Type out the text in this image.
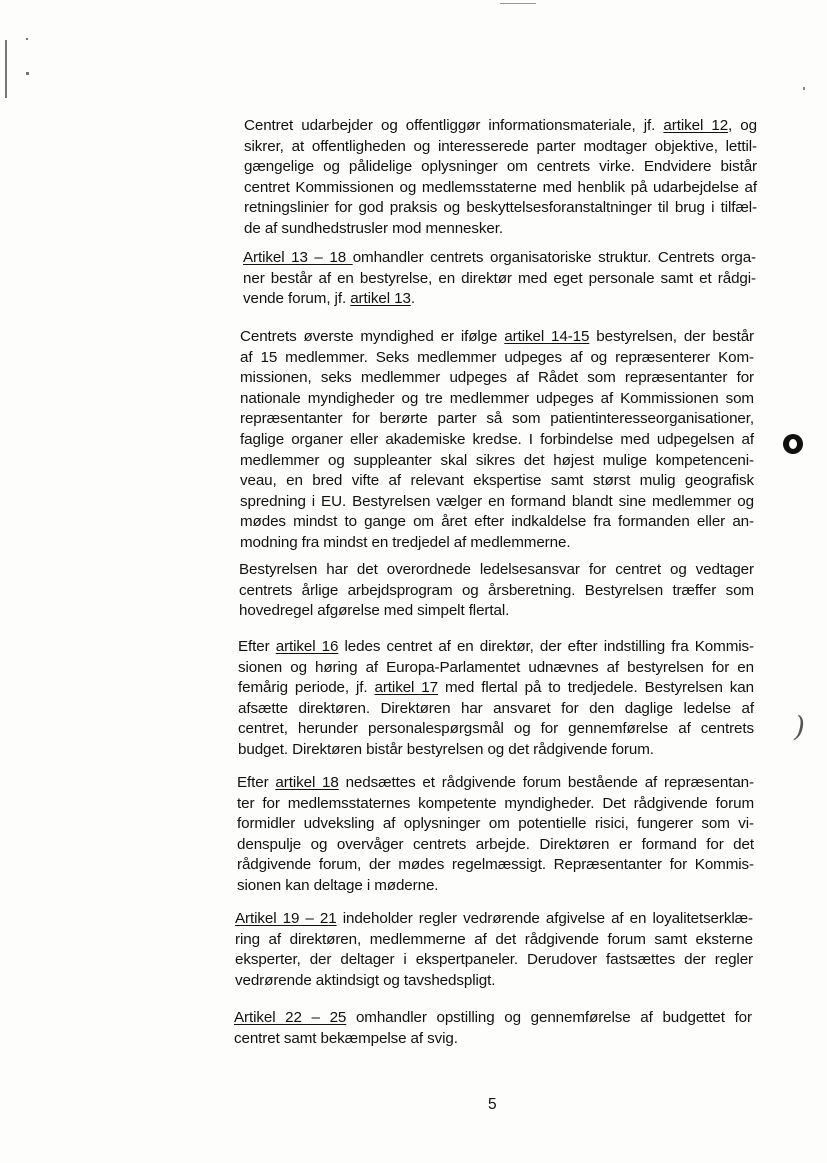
)
Centret udarbejder og offentliggør informationsmateriale, jf. artikel 12, og
sikrer, at offentligheden og interesserede parter modtager objektive, lettil-
gængelige og pålidelige oplysninger om centrets virke. Endvidere bistår
centret Kommissionen og medlemsstaterne med henblik på udarbejdelse af
retningslinier for god praksis og beskyttelsesforanstaltninger til brug i tilfæl-
de af sundhedstrusler mod mennesker.
Artikel 13 – 18 omhandler centrets organisatoriske struktur. Centrets orga-
ner består af en bestyrelse, en direktør med eget personale samt et rådgi-
vende forum, jf. artikel 13.
Centrets øverste myndighed er ifølge artikel 14-15 bestyrelsen, der består
af 15 medlemmer. Seks medlemmer udpeges af og repræsenterer Kom-
missionen, seks medlemmer udpeges af Rådet som repræsentanter for
nationale myndigheder og tre medlemmer udpeges af Kommissionen som
repræsentanter for berørte parter så som patientinteresseorganisationer,
faglige organer eller akademiske kredse. I forbindelse med udpegelsen af
medlemmer og suppleanter skal sikres det højest mulige kompetenceni-
veau, en bred vifte af relevant ekspertise samt størst mulig geografisk
spredning i EU. Bestyrelsen vælger en formand blandt sine medlemmer og
mødes mindst to gange om året efter indkaldelse fra formanden eller an-
modning fra mindst en tredjedel af medlemmerne.
Bestyrelsen har det overordnede ledelsesansvar for centret og vedtager
centrets årlige arbejdsprogram og årsberetning. Bestyrelsen træffer som
hovedregel afgørelse med simpelt flertal.
Efter artikel 16 ledes centret af en direktør, der efter indstilling fra Kommis-
sionen og høring af Europa-Parlamentet udnævnes af bestyrelsen for en
femårig periode, jf. artikel 17 med flertal på to tredjedele. Bestyrelsen kan
afsætte direktøren. Direktøren har ansvaret for den daglige ledelse af
centret, herunder personalespørgsmål og for gennemførelse af centrets
budget. Direktøren bistår bestyrelsen og det rådgivende forum.
Efter artikel 18 nedsættes et rådgivende forum bestående af repræsentan-
ter for medlemsstaternes kompetente myndigheder. Det rådgivende forum
formidler udveksling af oplysninger om potentielle risici, fungerer som vi-
denspulje og overvåger centrets arbejde. Direktøren er formand for det
rådgivende forum, der mødes regelmæssigt. Repræsentanter for Kommis-
sionen kan deltage i møderne.
Artikel 19 – 21 indeholder regler vedrørende afgivelse af en loyalitetserklæ-
ring af direktøren, medlemmerne af det rådgivende forum samt eksterne
eksperter, der deltager i ekspertpaneler. Derudover fastsættes der regler
vedrørende aktindsigt og tavshedspligt.
Artikel 22 – 25 omhandler opstilling og gennemførelse af budgettet for
centret samt bekæmpelse af svig.
5
